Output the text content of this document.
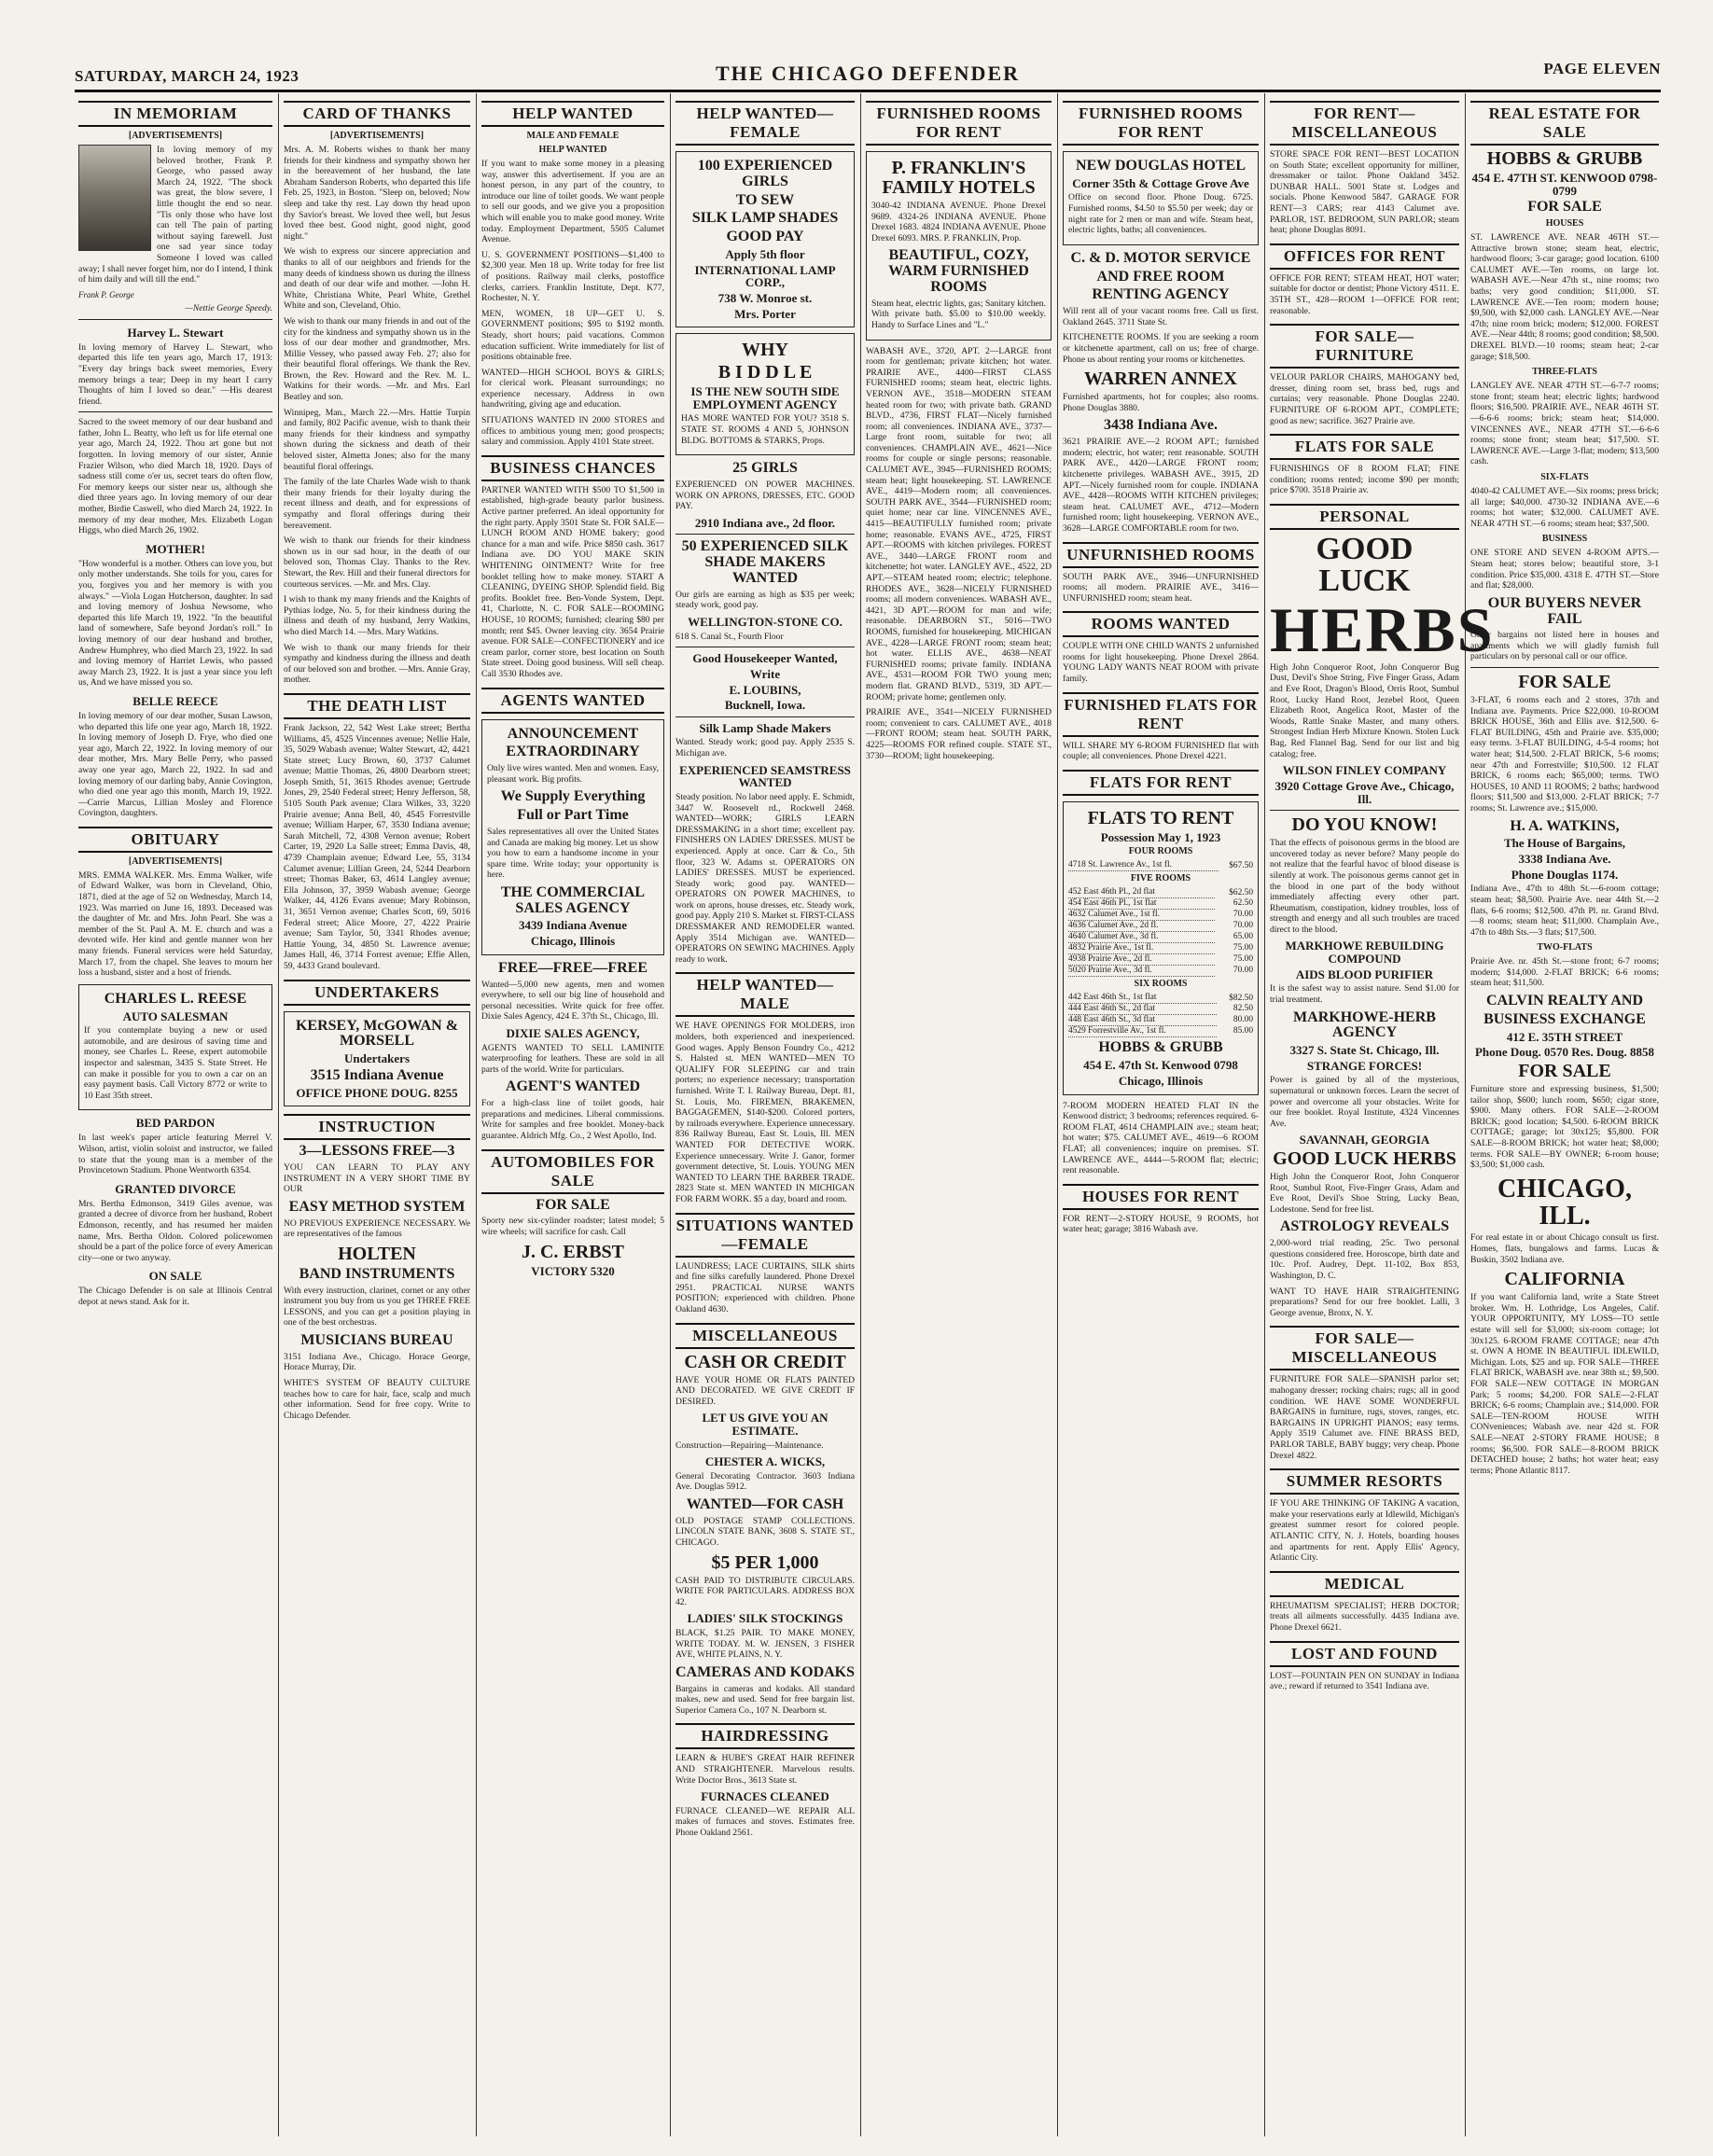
SATURDAY, MARCH 24, 1923	THE CHICAGO DEFENDER	PAGE ELEVEN
IN MEMORIAM
[ADVERTISEMENTS]

In loving memory of my beloved brother, Frank P. George, who passed away March 24, 1922. "The shock was great, the blow severe, I little thought the end so near. "Tis only those who have lost can tell The pain of parting without saying farewell. Just one sad year since today Someone I loved was called away; I shall never forget him, nor do I intend, I think of him daily and will till the end."

Frank P. George
—Nettie George Speedy.
Harvey L. Stewart

In loving memory of Harvey L. Stewart, who departed this life ten years ago, March 17, 1913: "Every day brings back sweet memories, Every memory brings a tear; Deep in my heart I carry Thoughts of him I loved so dear." —His dearest friend.

Sacred to the sweet memory of our dear husband and father, John L. Beatty, who left us for life eternal one year ago, March 24, 1922. Thou art gone but not forgotten. In loving memory of our sister, Annie Frazier Wilson, who died March 18, 1920. Days of sadness still come o'er us, secret tears do often flow, For memory keeps our sister near us, although she died three years ago. In loving memory of our dear mother, Birdie Caswell, who died March 24, 1922. In memory of my dear mother, Mrs. Elizabeth Logan Higgs, who died March 26, 1902.

MOTHER!

"How wonderful is a mother. Others can love you, but only mother understands. She toils for you, cares for you, forgives you and her memory is with you always." —Viola Logan Hutcherson, daughter. In sad and loving memory of Joshua Newsome, who departed this life March 19, 1922. "In the beautiful land of somewhere, Safe beyond Jordan's roll." In loving memory of our dear husband and brother, Andrew Humphrey, who died March 23, 1922. In sad and loving memory of Harriet Lewis, who passed away March 23, 1922. It is just a year since you left us, And we have missed you so.

BELLE REECE

In loving memory of our dear mother, Susan Lawson, who departed this life one year ago, March 18, 1922. In loving memory of Joseph D. Frye, who died one year ago, March 22, 1922. In loving memory of our dear mother, Mrs. Mary Belle Perry, who passed away one year ago, March 22, 1922. In sad and loving memory of our darling baby, Annie Covington, who died one year ago this month, March 19, 1922. —Carrie Marcus, Lillian Mosley and Florence Covington, daughters.

OBITUARY
[ADVERTISEMENTS]

MRS. EMMA WALKER. Mrs. Emma Walker, wife of Edward Walker, was born in Cleveland, Ohio, 1871, died at the age of 52 on Wednesday, March 14, 1923. Was married on June 16, 1893. Deceased was the daughter of Mr. and Mrs. John Pearl. She was a member of the St. Paul A. M. E. church and was a devoted wife. Her kind and gentle manner won her many friends. Funeral services were held Saturday, March 17, from the chapel. She leaves to mourn her loss a husband, sister and a host of friends.

CHARLES L. REESE
AUTO SALESMAN

If you contemplate buying a new or used automobile, and are desirous of saving time and money, see Charles L. Reese, expert automobile inspector and salesman, 3435 S. State Street. He can make it possible for you to own a car on an easy payment basis. Call Victory 8772 or write to 10 East 35th street.

BED PARDON

In last week's paper article featuring Merrel V. Wilson, artist, violin soloist and instructor, we failed to state that the young man is a member of the Provincetown Stadium. Phone Wentworth 6354.

GRANTED DIVORCE

Mrs. Bertha Edmonson, 3419 Giles avenue, was granted a decree of divorce from her husband, Robert Edmonson, recently, and has resumed her maiden name, Mrs. Bertha Oldon. Colored policewomen should be a part of the police force of every American city—one or two anyway.

ON SALE

The Chicago Defender is on sale at Illinois Central depot at news stand. Ask for it.

CARD OF THANKS
[ADVERTISEMENTS]

Mrs. A. M. Roberts wishes to thank her many friends for their kindness and sympathy shown her in the bereavement of her husband, the late Abraham Sanderson Roberts, who departed this life Feb. 25, 1923, in Boston. "Sleep on, beloved; Now sleep and take thy rest. Lay down thy head upon thy Savior's breast. We loved thee well, but Jesus loved thee best. Good night, good night, good night."

We wish to express our sincere appreciation and thanks to all of our neighbors and friends for the many deeds of kindness shown us during the illness and death of our dear wife and mother. —John H. White, Christiana White, Pearl White, Grethel White and son, Cleveland, Ohio.

We wish to thank our many friends in and out of the city for the kindness and sympathy shown us in the loss of our dear mother and grandmother, Mrs. Millie Vessey, who passed away Feb. 27; also for their beautiful floral offerings. We thank the Rev. Brown, the Rev. Howard and the Rev. M. L. Watkins for their words. —Mr. and Mrs. Earl Beatley and son.

Winnipeg, Man., March 22.—Mrs. Hattie Turpin and family, 802 Pacific avenue, wish to thank their many friends for their kindness and sympathy shown during the sickness and death of their beloved sister, Almetta Jones; also for the many beautiful floral offerings.

The family of the late Charles Wade wish to thank their many friends for their loyalty during the recent illness and death, and for expressions of sympathy and floral offerings during their bereavement.

We wish to thank our friends for their kindness shown us in our sad hour, in the death of our beloved son, Thomas Clay. Thanks to the Rev. Stewart, the Rev. Hill and their funeral directors for courteous services. —Mr. and Mrs. Clay.

I wish to thank my many friends and the Knights of Pythias lodge, No. 5, for their kindness during the illness and death of my husband, Jerry Watkins, who died March 14. —Mrs. Mary Watkins.

We wish to thank our many friends for their sympathy and kindness during the illness and death of our beloved son and brother. —Mrs. Annie Gray, mother.

THE DEATH LIST

Frank Jackson, 22, 542 West Lake street; Bertha Williams, 45, 4525 Vincennes avenue; Nellie Hale, 35, 5029 Wabash avenue; Walter Stewart, 42, 4421 State street; Lucy Brown, 60, 3737 Calumet avenue; Mattie Thomas, 26, 4800 Dearborn street; Joseph Smith, 51, 3615 Rhodes avenue; Gertrude Jones, 29, 2540 Federal street; Henry Jefferson, 58, 5105 South Park avenue; Clara Wilkes, 33, 3220 Prairie avenue; Anna Bell, 40, 4545 Forrestville avenue; William Harper, 67, 3530 Indiana avenue; Sarah Mitchell, 72, 4308 Vernon avenue; Robert Carter, 19, 2920 La Salle street; Emma Davis, 48, 4739 Champlain avenue; Edward Lee, 55, 3134 Calumet avenue; Lillian Green, 24, 5244 Dearborn street; Thomas Baker, 63, 4614 Langley avenue; Ella Johnson, 37, 3959 Wabash avenue; George Walker, 44, 4126 Evans avenue; Mary Robinson, 31, 3651 Vernon avenue; Charles Scott, 69, 5016 Federal street; Alice Moore, 27, 4222 Prairie avenue; Sam Taylor, 50, 3341 Rhodes avenue; Hattie Young, 34, 4850 St. Lawrence avenue; James Hall, 46, 3714 Forrest avenue; Effie Allen, 59, 4433 Grand boulevard.

UNDERTAKERS
KERSEY, McGOWAN & MORSELL
Undertakers
3515 Indiana Avenue
OFFICE PHONE DOUG. 8255
INSTRUCTION
3—LESSONS FREE—3

YOU CAN LEARN TO PLAY ANY INSTRUMENT IN A VERY SHORT TIME BY OUR

EASY METHOD SYSTEM

NO PREVIOUS EXPERIENCE NECESSARY. We are representatives of the famous

HOLTEN
BAND INSTRUMENTS

With every instruction, clarinet, cornet or any other instrument you buy from us you get THREE FREE LESSONS, and you can get a position playing in one of the best orchestras.

MUSICIANS BUREAU

3151 Indiana Ave., Chicago. Horace George, Horace Murray, Dir.

WHITE'S SYSTEM OF BEAUTY CULTURE teaches how to care for hair, face, scalp and much other information. Send for free copy. Write to Chicago Defender.

HELP WANTED
MALE AND FEMALE
HELP WANTED

If you want to make some money in a pleasing way, answer this advertisement. If you are an honest person, in any part of the country, to introduce our line of toilet goods. We want people to sell our goods, and we give you a proposition which will enable you to make good money. Write today. Employment Department, 5505 Calumet Avenue.

U. S. GOVERNMENT POSITIONS—$1,400 to $2,300 year. Men 18 up. Write today for free list of positions. Railway mail clerks, postoffice clerks, carriers. Franklin Institute, Dept. K77, Rochester, N. Y.

MEN, WOMEN, 18 UP—GET U. S. GOVERNMENT positions; $95 to $192 month. Steady, short hours; paid vacations. Common education sufficient. Write immediately for list of positions obtainable free.

WANTED—HIGH SCHOOL BOYS & GIRLS; for clerical work. Pleasant surroundings; no experience necessary. Address in own handwriting, giving age and education.

SITUATIONS WANTED IN 2000 STORES and offices to ambitious young men; good prospects; salary and commission. Apply 4101 State street.

BUSINESS CHANCES

PARTNER WANTED WITH $500 TO $1,500 in established, high-grade beauty parlor business. Active partner preferred. An ideal opportunity for the right party. Apply 3501 State St. FOR SALE—LUNCH ROOM AND HOME bakery; good chance for a man and wife. Price $850 cash. 3617 Indiana ave. DO YOU MAKE SKIN WHITENING OINTMENT? Write for free booklet telling how to make money. START A CLEANING, DYEING SHOP. Splendid field. Big profits. Booklet free. Ben-Vonde System, Dept. 41, Charlotte, N. C. FOR SALE—ROOMING HOUSE, 10 ROOMS; furnished; clearing $80 per month; rent $45. Owner leaving city. 3654 Prairie avenue. FOR SALE—CONFECTIONERY and ice cream parlor, corner store, best location on South State street. Doing good business. Will sell cheap. Call 3530 Rhodes ave.

AGENTS WANTED
ANNOUNCEMENT
EXTRAORDINARY

Only live wires wanted. Men and women. Easy, pleasant work. Big profits.

We Supply Everything
Full or Part Time

Sales representatives all over the United States and Canada are making big money. Let us show you how to earn a handsome income in your spare time. Write today; your opportunity is here.

THE COMMERCIAL SALES AGENCY
3439 Indiana Avenue
Chicago, Illinois
FREE—FREE—FREE

Wanted—5,000 new agents, men and women everywhere, to sell our big line of household and personal necessities. Write quick for free offer. Dixie Sales Agency, 424 E. 37th St., Chicago, Ill.

DIXIE SALES AGENCY,

AGENTS WANTED TO SELL LAMINITE waterproofing for leathers. These are sold in all parts of the world. Write for particulars.

AGENT'S WANTED

For a high-class line of toilet goods, hair preparations and medicines. Liberal commissions. Write for samples and free booklet. Money-back guarantee. Aldrich Mfg. Co., 2 West Apollo, Ind.

AUTOMOBILES FOR SALE
FOR SALE

Sporty new six-cylinder roadster; latest model; 5 wire wheels; will sacrifice for cash. Call

J. C. ERBST
VICTORY 5320
HELP WANTED—FEMALE
100 EXPERIENCED GIRLS
TO SEW
SILK LAMP SHADES
GOOD PAY
Apply 5th floor
INTERNATIONAL LAMP CORP.,
738 W. Monroe st.
Mrs. Porter
WHY
B I D D L E
IS THE NEW SOUTH SIDE EMPLOYMENT AGENCY

HAS MORE WANTED FOR YOU? 3518 S. STATE ST. ROOMS 4 AND 5, JOHNSON BLDG. BOTTOMS & STARKS, Props.

25 GIRLS

EXPERIENCED ON POWER MACHINES. WORK ON APRONS, DRESSES, ETC. GOOD PAY.

2910 Indiana ave., 2d floor.
50 EXPERIENCED SILK SHADE MAKERS WANTED

Our girls are earning as high as $35 per week; steady work, good pay.

WELLINGTON-STONE CO.

618 S. Canal St., Fourth Floor

Good Housekeeper Wanted,
Write
E. LOUBINS,
Bucknell, Iowa.
Silk Lamp Shade Makers

Wanted. Steady work; good pay. Apply 2535 S. Michigan ave.

EXPERIENCED SEAMSTRESS WANTED

Steady position. No labor need apply. E. Schmidt, 3447 W. Roosevelt rd., Rockwell 2468. WANTED—WORK; GIRLS LEARN DRESSMAKING in a short time; excellent pay. FINISHERS ON LADIES' DRESSES. MUST be experienced. Apply at once. Carr & Co., 5th floor, 323 W. Adams st. OPERATORS ON LADIES' DRESSES. MUST be experienced. Steady work; good pay. WANTED—OPERATORS ON POWER MACHINES, to work on aprons, house dresses, etc. Steady work, good pay. Apply 210 S. Market st. FIRST-CLASS DRESSMAKER AND REMODELER wanted. Apply 3514 Michigan ave. WANTED—OPERATORS ON SEWING MACHINES. Apply ready to work.

HELP WANTED—MALE

WE HAVE OPENINGS FOR MOLDERS, iron molders, both experienced and inexperienced. Good wages. Apply Benson Foundry Co., 4212 S. Halsted st. MEN WANTED—MEN TO QUALIFY FOR SLEEPING car and train porters; no experience necessary; transportation furnished. Write T. I. Railway Bureau, Dept. 81, St. Louis, Mo. FIREMEN, BRAKEMEN, BAGGAGEMEN, $140-$200. Colored porters, by railroads everywhere. Experience unnecessary. 836 Railway Bureau, East St. Louis, Ill. MEN WANTED FOR DETECTIVE WORK. Experience unnecessary. Write J. Ganor, former government detective, St. Louis. YOUNG MEN WANTED TO LEARN THE BARBER TRADE. 2823 State st. MEN WANTED IN MICHIGAN FOR FARM WORK. $5 a day, board and room.

SITUATIONS WANTED—FEMALE

LAUNDRESS; LACE CURTAINS, SILK shirts and fine silks carefully laundered. Phone Drexel 2951. PRACTICAL NURSE WANTS POSITION; experienced with children. Phone Oakland 4630.

MISCELLANEOUS
CASH OR CREDIT

HAVE YOUR HOME OR FLATS PAINTED AND DECORATED. WE GIVE CREDIT IF DESIRED.

LET US GIVE YOU AN ESTIMATE.

Construction—Repairing—Maintenance.

CHESTER A. WICKS,

General Decorating Contractor. 3603 Indiana Ave. Douglas 5912.

WANTED—FOR CASH

OLD POSTAGE STAMP COLLECTIONS. LINCOLN STATE BANK, 3608 S. STATE ST., CHICAGO.

$5 PER 1,000

CASH PAID TO DISTRIBUTE CIRCULARS. WRITE FOR PARTICULARS. ADDRESS BOX 42.

LADIES' SILK STOCKINGS

BLACK, $1.25 PAIR. TO MAKE MONEY, WRITE TODAY. M. W. JENSEN, 3 FISHER AVE, WHITE PLAINS, N. Y.

CAMERAS AND KODAKS

Bargains in cameras and kodaks. All standard makes, new and used. Send for free bargain list. Superior Camera Co., 107 N. Dearborn st.

HAIRDRESSING

LEARN & HUBE'S GREAT HAIR REFINER AND STRAIGHTENER. Marvelous results. Write Doctor Bros., 3613 State st.

FURNACES CLEANED

FURNACE CLEANED—WE REPAIR ALL makes of furnaces and stoves. Estimates free. Phone Oakland 2561.

FURNISHED ROOMS FOR RENT
P. FRANKLIN'S FAMILY HOTELS

3040-42 INDIANA AVENUE. Phone Drexel 9689. 4324-26 INDIANA AVENUE. Phone Drexel 1683. 4824 INDIANA AVENUE. Phone Drexel 6093. MRS. P. FRANKLIN, Prop.

BEAUTIFUL, COZY, WARM FURNISHED ROOMS

Steam heat, electric lights, gas; Sanitary kitchen. With private bath. $5.00 to $10.00 weekly. Handy to Surface Lines and "L."

WABASH AVE., 3720, APT. 2—LARGE front room for gentleman; private kitchen; hot water. PRAIRIE AVE., 4400—FIRST CLASS FURNISHED rooms; steam heat, electric lights. VERNON AVE., 3518—MODERN STEAM heated room for two; with private bath. GRAND BLVD., 4736, FIRST FLAT—Nicely furnished room; all conveniences. INDIANA AVE., 3737—Large front room, suitable for two; all conveniences. CHAMPLAIN AVE., 4621—Nice rooms for couple or single persons; reasonable. CALUMET AVE., 3945—FURNISHED ROOMS; steam heat; light housekeeping. ST. LAWRENCE AVE., 4419—Modern room; all conveniences. SOUTH PARK AVE., 3544—FURNISHED room; quiet home; near car line. VINCENNES AVE., 4415—BEAUTIFULLY furnished room; private home; reasonable. EVANS AVE., 4725, FIRST APT.—ROOMS with kitchen privileges. FOREST AVE., 3440—LARGE FRONT room and kitchenette; hot water. LANGLEY AVE., 4522, 2D APT.—STEAM heated room; electric; telephone. RHODES AVE., 3628—NICELY FURNISHED rooms; all modern conveniences. WABASH AVE., 4421, 3D APT.—ROOM for man and wife; reasonable. DEARBORN ST., 5016—TWO ROOMS, furnished for housekeeping. MICHIGAN AVE., 4228—LARGE FRONT room; steam heat; hot water. ELLIS AVE., 4638—NEAT FURNISHED rooms; private family. INDIANA AVE., 4531—ROOM FOR TWO young men; modern flat. GRAND BLVD., 5319, 3D APT.—ROOM; private home; gentlemen only.

PRAIRIE AVE., 3541—NICELY FURNISHED room; convenient to cars. CALUMET AVE., 4018—FRONT ROOM; steam heat. SOUTH PARK, 4225—ROOMS FOR refined couple. STATE ST., 3730—ROOM; light housekeeping.

FURNISHED ROOMS FOR RENT
NEW DOUGLAS HOTEL
Corner 35th & Cottage Grove Ave

Office on second floor. Phone Doug. 6725. Furnished rooms, $4.50 to $5.50 per week; day or night rate for 2 men or man and wife. Steam heat, electric lights, baths; all conveniences.

C. & D. MOTOR SERVICE
AND FREE ROOM
RENTING AGENCY

Will rent all of your vacant rooms free. Call us first. Oakland 2645. 3711 State St.

KITCHENETTE ROOMS. If you are seeking a room or kitchenette apartment, call on us; free of charge. Phone us about renting your rooms or kitchenettes.

WARREN ANNEX

Furnished apartments, hot for couples; also rooms. Phone Douglas 3880.

3438 Indiana Ave.

3621 PRAIRIE AVE.—2 ROOM APT.; furnished modern; electric, hot water; rent reasonable. SOUTH PARK AVE., 4420—LARGE FRONT room; kitchenette privileges. WABASH AVE., 3915, 2D APT.—Nicely furnished room for couple. INDIANA AVE., 4428—ROOMS WITH KITCHEN privileges; steam heat. CALUMET AVE., 4712—Modern furnished room; light housekeeping. VERNON AVE., 3628—LARGE COMFORTABLE room for two.

UNFURNISHED ROOMS

SOUTH PARK AVE., 3946—UNFURNISHED rooms; all modern. PRAIRIE AVE., 3416—UNFURNISHED room; steam heat.

ROOMS WANTED

COUPLE WITH ONE CHILD WANTS 2 unfurnished rooms for light housekeeping. Phone Drexel 2864. YOUNG LADY WANTS NEAT ROOM with private family.

FURNISHED FLATS FOR RENT

WILL SHARE MY 6-ROOM FURNISHED flat with couple; all conveniences. Phone Drexel 4221.

FLATS FOR RENT
FLATS TO RENT
Possession May 1, 1923
FOUR ROOMS
4718 St. Lawrence Av., 1st fl.	$67.50
FIVE ROOMS
452 East 46th Pl., 2d flat	$62.50
454 East 46th Pl., 1st flat	62.50
4632 Calumet Ave., 1st fl.	70.00
4636 Calumet Ave., 2d fl.	70.00
4640 Calumet Ave., 3d fl.	65.00
4832 Prairie Ave., 1st fl.	75.00
4938 Prairie Ave., 2d fl.	75.00
5020 Prairie Ave., 3d fl.	70.00
SIX ROOMS
442 East 46th St., 1st flat	$82.50
444 East 46th St., 2d flat	82.50
448 East 46th St., 3d flat	80.00
4529 Forrestville Av., 1st fl.	85.00
HOBBS & GRUBB
454 E. 47th St. Kenwood 0798
Chicago, Illinois

7-ROOM MODERN HEATED FLAT IN the Kenwood district; 3 bedrooms; references required. 6-ROOM FLAT, 4614 CHAMPLAIN ave.; steam heat; hot water; $75. CALUMET AVE., 4619—6 ROOM FLAT; all conveniences; inquire on premises. ST. LAWRENCE AVE., 4444—5-ROOM flat; electric; rent reasonable.

HOUSES FOR RENT

FOR RENT—2-STORY HOUSE, 9 ROOMS, hot water heat; garage; 3816 Wabash ave.

FOR RENT—MISCELLANEOUS

STORE SPACE FOR RENT—BEST LOCATION on South State; excellent opportunity for milliner, dressmaker or tailor. Phone Oakland 3452. DUNBAR HALL. 5001 State st. Lodges and socials. Phone Kenwood 5847. GARAGE FOR RENT—3 CARS; rear 4143 Calumet ave. PARLOR, 1ST. BEDROOM, SUN PARLOR; steam heat; phone Douglas 8091.

OFFICES FOR RENT

OFFICE FOR RENT; STEAM HEAT, HOT water; suitable for doctor or dentist; Phone Victory 4511. E. 35TH ST., 428—ROOM 1—OFFICE FOR rent; reasonable.

FOR SALE—FURNITURE

VELOUR PARLOR CHAIRS, MAHOGANY bed, dresser, dining room set, brass bed, rugs and curtains; very reasonable. Phone Douglas 2240. FURNITURE OF 6-ROOM APT., COMPLETE; good as new; sacrifice. 3627 Prairie ave.

FLATS FOR SALE

FURNISHINGS OF 8 ROOM FLAT; FINE condition; rooms rented; income $90 per month; price $700. 3518 Prairie av.

PERSONAL
GOOD LUCK
HERBS

High John Conqueror Root, John Conqueror Bug Dust, Devil's Shoe String, Five Finger Grass, Adam and Eve Root, Dragon's Blood, Orris Root, Sumbul Root, Lucky Hand Root, Jezebel Root, Queen Elizabeth Root, Angelica Root, Master of the Woods, Rattle Snake Master, and many others. Strongest Indian Herb Mixture Known. Stolen Luck Bag, Red Flannel Bag. Send for our list and big catalog; free.

WILSON FINLEY COMPANY
3920 Cottage Grove Ave., Chicago, Ill.
DO YOU KNOW!

That the effects of poisonous germs in the blood are uncovered today as never before? Many people do not realize that the fearful havoc of blood disease is silently at work. The poisonous germs cannot get in the blood in one part of the body without immediately affecting every other part. Rheumatism, constipation, kidney troubles, loss of strength and energy and all such troubles are traced direct to the blood.

MARKHOWE REBUILDING COMPOUND
AIDS BLOOD PURIFIER

It is the safest way to assist nature. Send $1.00 for trial treatment.

MARKHOWE-HERB AGENCY
3327 S. State St. Chicago, Ill.
STRANGE FORCES!

Power is gained by all of the mysterious, supernatural or unknown forces. Learn the secret of power and overcome all your obstacles. Write for our free booklet. Royal Institute, 4324 Vincennes Ave.

SAVANNAH, GEORGIA
GOOD LUCK HERBS

High John the Conqueror Root, John Conqueror Root, Sumbul Root, Five-Finger Grass, Adam and Eve Root, Devil's Shoe String, Lucky Bean, Lodestone. Send for free list.

ASTROLOGY REVEALS

2,000-word trial reading, 25c. Two personal questions considered free. Horoscope, birth date and 10c. Prof. Audrey, Dept. 11-102, Box 853, Washington, D. C.

WANT TO HAVE HAIR STRAIGHTENING preparations? Send for our free booklet. Lalli, 3 George avenue, Bronx, N. Y.

FOR SALE—MISCELLANEOUS

FURNITURE FOR SALE—SPANISH parlor set; mahogany dresser; rocking chairs; rugs; all in good condition. WE HAVE SOME WONDERFUL BARGAINS in furniture, rugs, stoves, ranges, etc. BARGAINS IN UPRIGHT PIANOS; easy terms. Apply 3519 Calumet ave. FINE BRASS BED, PARLOR TABLE, BABY buggy; very cheap. Phone Drexel 4822.

SUMMER RESORTS

IF YOU ARE THINKING OF TAKING A vacation, make your reservations early at Idlewild, Michigan's greatest summer resort for colored people. ATLANTIC CITY, N. J. Hotels, boarding houses and apartments for rent. Apply Ellis' Agency, Atlantic City.

MEDICAL

RHEUMATISM SPECIALIST; HERB DOCTOR; treats all ailments successfully. 4435 Indiana ave. Phone Drexel 6621.

LOST AND FOUND

LOST—FOUNTAIN PEN ON SUNDAY in Indiana ave.; reward if returned to 3541 Indiana ave.

REAL ESTATE FOR SALE
HOBBS & GRUBB
454 E. 47TH ST. KENWOOD 0798-0799
FOR SALE
HOUSES

ST. LAWRENCE AVE. NEAR 46TH ST.—Attractive brown stone; steam heat, electric, hardwood floors; 3-car garage; good location. 6100 CALUMET AVE.—Ten rooms, on large lot. WABASH AVE.—Near 47th st., nine rooms; two baths; very good condition; $11,000. ST. LAWRENCE AVE.—Ten room; modern house; $9,500, with $2,000 cash. LANGLEY AVE.—Near 47th; nine room brick; modern; $12,000. FOREST AVE.—Near 44th; 8 rooms; good condition; $8,500. DREXEL BLVD.—10 rooms; steam heat; 2-car garage; $18,500.

THREE-FLATS

LANGLEY AVE. NEAR 47TH ST.—6-7-7 rooms; stone front; steam heat; electric lights; hardwood floors; $16,500. PRAIRIE AVE., NEAR 46TH ST.—6-6-6 rooms; brick; steam heat; $14,000. VINCENNES AVE., NEAR 47TH ST.—6-6-6 rooms; stone front; steam heat; $17,500. ST. LAWRENCE AVE.—Large 3-flat; modern; $13,500 cash.

SIX-FLATS

4040-42 CALUMET AVE.—Six rooms; press brick; all large; $40,000. 4730-32 INDIANA AVE.—6 rooms; hot water; $32,000. CALUMET AVE. NEAR 47TH ST.—6 rooms; steam heat; $37,500.

BUSINESS

ONE STORE AND SEVEN 4-ROOM APTS.—Steam heat; stores below; beautiful store, 3-1 condition. Price $35,000. 4318 E. 47TH ST.—Store and flat; $28,000.

OUR BUYERS NEVER FAIL

Other bargains not listed here in houses and apartments which we will gladly furnish full particulars on by personal call or our office.

FOR SALE

3-FLAT, 6 rooms each and 2 stores, 37th and Indiana ave. Payments. Price $22,000. 10-ROOM BRICK HOUSE, 36th and Ellis ave. $12,500. 6-FLAT BUILDING, 45th and Prairie ave. $35,000; easy terms. 3-FLAT BUILDING, 4-5-4 rooms; hot water heat; $14,500. 2-FLAT BRICK, 5-6 rooms; near 47th and Forrestville; $10,500. 12 FLAT BRICK, 6 rooms each; $65,000; terms. TWO HOUSES, 10 AND 11 ROOMS; 2 baths; hardwood floors; $11,500 and $13,000. 2-FLAT BRICK; 7-7 rooms; St. Lawrence ave.; $15,000.

H. A. WATKINS,
The House of Bargains,
3338 Indiana Ave.
Phone Douglas 1174.

Indiana Ave., 47th to 48th St.—6-room cottage; steam heat; $8,500. Prairie Ave. near 44th St.—2 flats, 6-6 rooms; $12,500. 47th Pl. nr. Grand Blvd.—8 rooms; steam heat; $11,000. Champlain Ave., 47th to 48th Sts.—3 flats; $17,500.

TWO-FLATS

Prairie Ave. nr. 45th St.—stone front; 6-7 rooms; modern; $14,000. 2-FLAT BRICK; 6-6 rooms; steam heat; $11,500.

CALVIN REALTY AND
BUSINESS EXCHANGE
412 E. 35TH STREET
Phone Doug. 0570 Res. Doug. 8858
FOR SALE

Furniture store and expressing business, $1,500; tailor shop, $600; lunch room, $650; cigar store, $900. Many others. FOR SALE—2-ROOM BRICK; good location; $4,500. 6-ROOM BRICK COTTAGE; garage; lot 30x125; $5,800. FOR SALE—8-ROOM BRICK; hot water heat; $8,000; terms. FOR SALE—BY OWNER; 6-room house; $3,500; $1,000 cash.

CHICAGO, ILL.

For real estate in or about Chicago consult us first. Homes, flats, bungalows and farms. Lucas & Buskin, 3502 Indiana ave.

CALIFORNIA

If you want California land, write a State Street broker. Wm. H. Lothridge, Los Angeles, Calif. YOUR OPPORTUNITY, MY LOSS—TO settle estate will sell for $3,000; six-room cottage; lot 30x125. 6-ROOM FRAME COTTAGE; near 47th st. OWN A HOME IN BEAUTIFUL IDLEWILD, Michigan. Lots, $25 and up. FOR SALE—THREE FLAT BRICK, WABASH ave. near 38th st.; $9,500. FOR SALE—NEW COTTAGE IN MORGAN Park; 5 rooms; $4,200. FOR SALE—2-FLAT BRICK; 6-6 rooms; Champlain ave.; $14,000. FOR SALE—TEN-ROOM HOUSE WITH CONveniences; Wabash ave. near 42d st. FOR SALE—NEAT 2-STORY FRAME HOUSE; 8 rooms; $6,500. FOR SALE—8-ROOM BRICK DETACHED house; 2 baths; hot water heat; easy terms; Phone Atlantic 8117.
